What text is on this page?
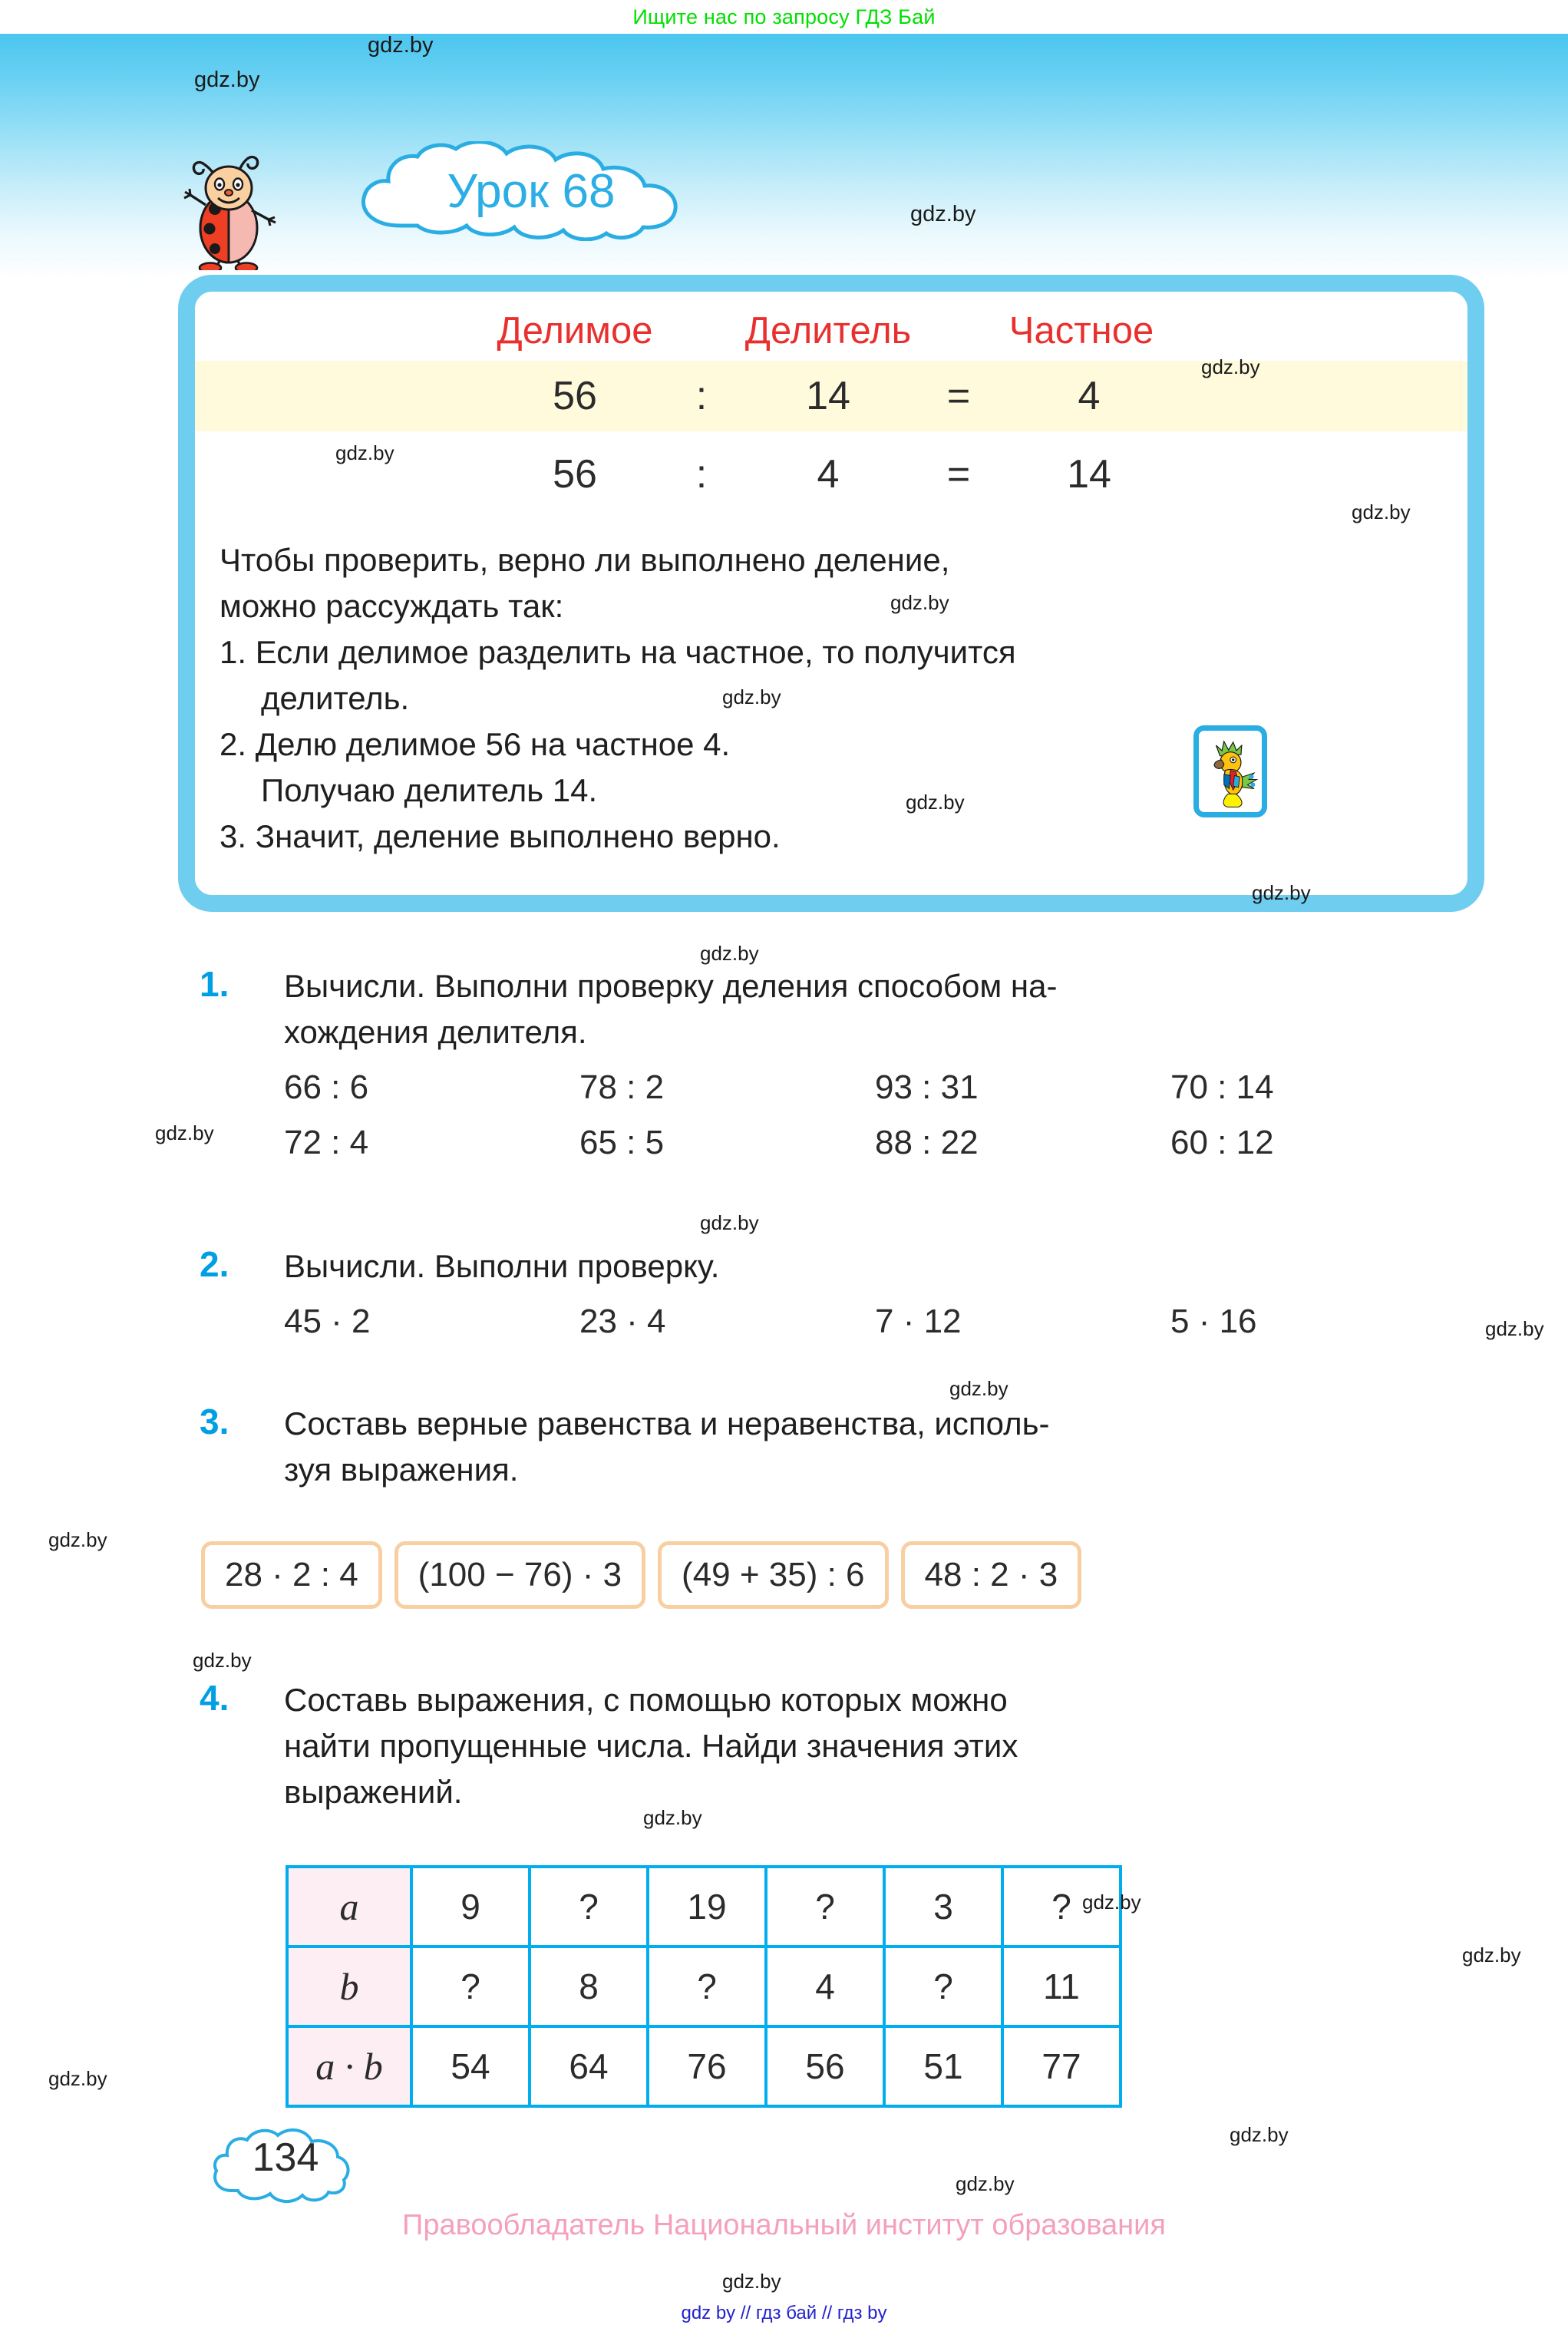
Ищите нас по запросу ГДЗ Бай
Урок 68
Делимое	Делитель	Частное
56	:	14	=	4
56	:	4	=	14
Чтобы проверить, верно ли выполнено деление,
можно рассуждать так:
1. Если делимое разделить на частное, то получится
делитель.
2. Делю делимое 56 на частное 4.
Получаю делитель 14.
3. Значит, деление выполнено верно.
1.	Вычисли. Выполни проверку деления способом на-
хождения делителя.
66 : 6	78 : 2	93 : 31	70 : 14
72 : 4	65 : 5	88 : 22	60 : 12
2.	Вычисли. Выполни проверку.
45 · 2	23 · 4	7 · 12	5 · 16
3.	Составь верные равенства и неравенства, исполь-
зуя выражения.
28 · 2 : 4	(100 − 76) · 3	(49 + 35) : 6	48 : 2 · 3
4.	Составь выражения, с помощью которых можно
найти пропущенные числа. Найди значения этих
выражений.
a	9	?	19	?	3	?
b	?	8	?	4	?	11
a · b	54	64	76	56	51	77
134
Правообладатель Национальный институт образования
gdz by // гдз бай // гдз by
gdz.by
gdz.by
gdz.by
gdz.by
gdz.by
gdz.by
gdz.by
gdz.by
gdz.by
gdz.by
gdz.by
gdz.by
gdz.by
gdz.by
gdz.by
gdz.by
gdz.by
gdz.by
gdz.by
gdz.by
gdz.by
gdz.by
gdz.by
gdz.by
